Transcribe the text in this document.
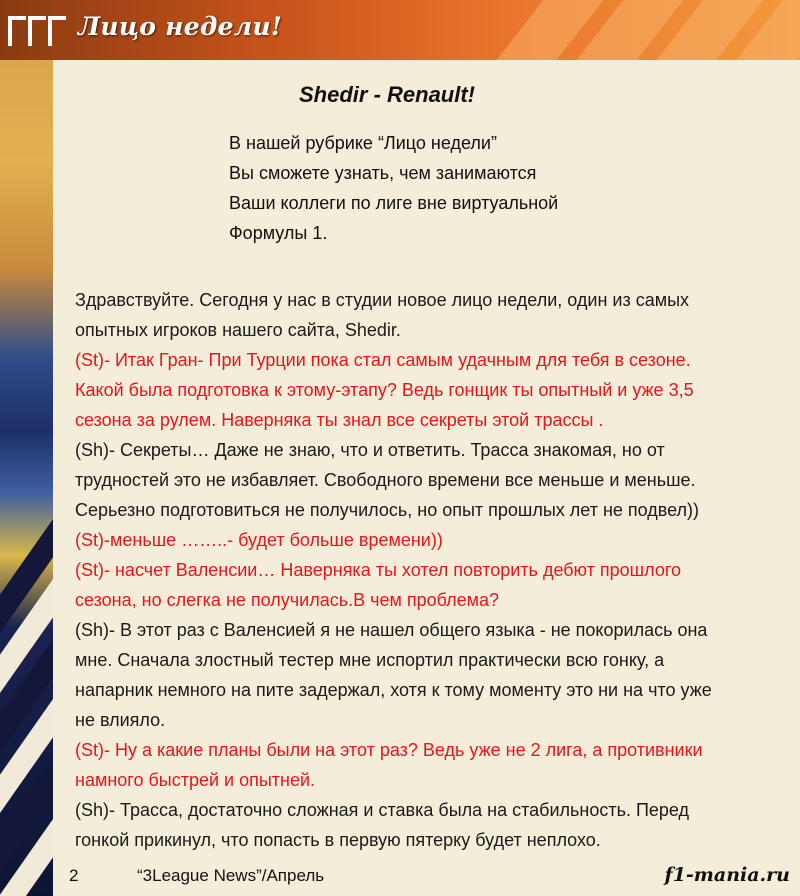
Лицо недели!
Shedir - Renault!
В нашей рубрике “Лицо недели”
Вы сможете узнать, чем занимаются
Ваши коллеги по лиге вне виртуальной
Формулы 1.
Здравствуйте. Сегодня у нас в студии новое лицо недели, один из самых
опытных игроков нашего сайта, Shedir.
(St)- Итак Гран- При Турции пока стал самым удачным для тебя в сезоне.
Какой была подготовка к этому-этапу? Ведь гонщик ты опытный и уже 3,5
сезона за рулем. Наверняка ты знал все секреты этой трассы .
(Sh)- Секреты… Даже не знаю, что и ответить. Трасса знакомая, но от
трудностей это не избавляет. Свободного времени все меньше и меньше.
Серьезно подготовиться не получилось, но опыт прошлых лет не подвел))
(St)-меньше ……..- будет больше времени))
(St)- насчет Валенсии… Наверняка ты хотел повторить дебют прошлого
сезона, но слегка не получилась.В чем проблема?
(Sh)- В этот раз с Валенсией я не нашел общего языка - не покорилась она
мне. Сначала злостный тестер мне испортил практически всю гонку, а
напарник немного на пите задержал, хотя к тому моменту это ни на что уже
не влияло.
(St)- Ну а какие планы были на этот раз? Ведь уже не 2 лига, а противники
намного быстрей и опытней.
(Sh)- Трасса, достаточно сложная и ставка была на стабильность. Перед
гонкой прикинул, что попасть в первую пятерку будет неплохо.
2	“3League News”/Апрель	f1-mania.ru
